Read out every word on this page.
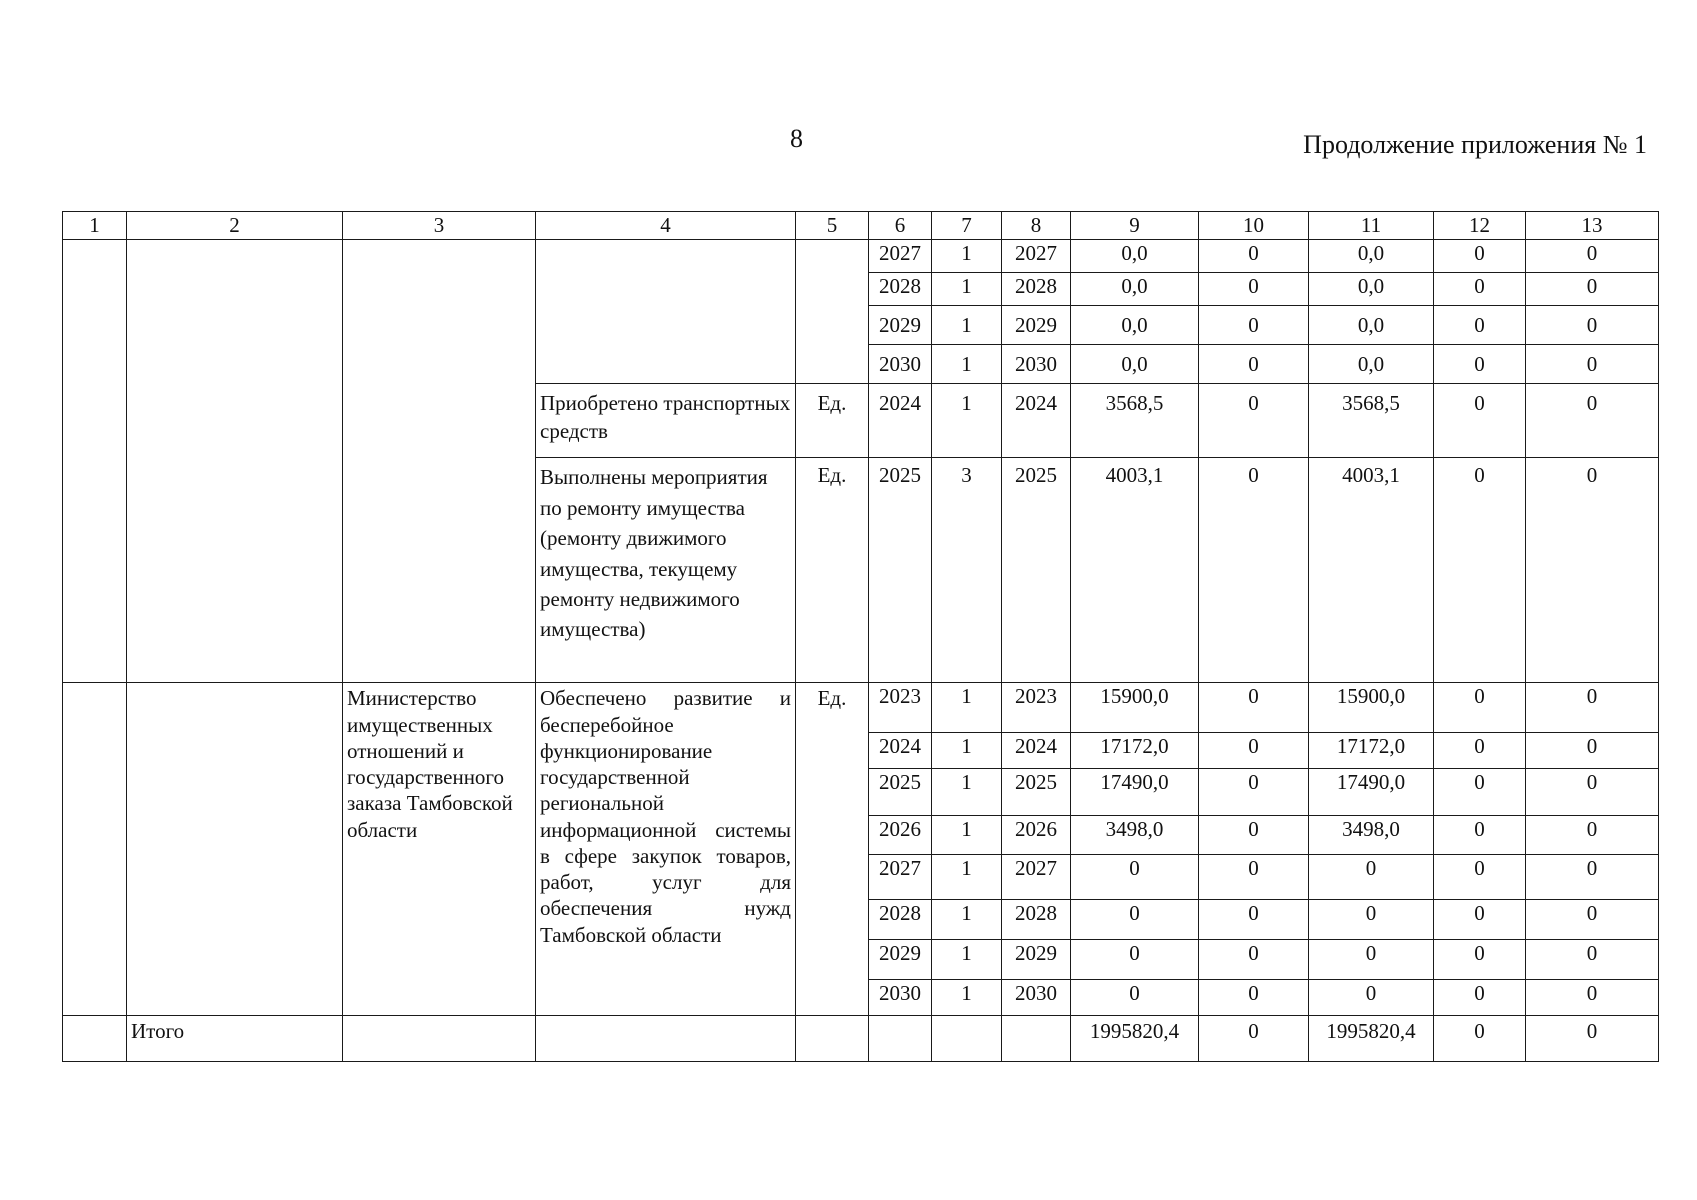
8	Продолжение приложения № 1
1	2	3	4	5	6	7	8	9	10	11	12	13
					2027	1	2027	0,0	0	0,0	0	0
					2028	1	2028	0,0	0	0,0	0	0
					2029	1	2029	0,0	0	0,0	0	0
					2030	1	2030	0,0	0	0,0	0	0
			Приобретено транспортных средств	Ед.	2024	1	2024	3568,5	0	3568,5	0	0
			Выполнены мероприятия по ремонту имущества (ремонту движимого имущества, текущему ремонту недвижимого имущества)	Ед.	2025	3	2025	4003,1	0	4003,1	0	0
		Министерство имущественных отношений и государственного заказа Тамбовской области	Обеспечено развитие и бесперебойное функционирование государственной региональной информационной системы в сфере закупок товаров, работ, услуг для обеспечения нужд Тамбовской области	Ед.	2023	1	2023	15900,0	0	15900,0	0	0
					2024	1	2024	17172,0	0	17172,0	0	0
					2025	1	2025	17490,0	0	17490,0	0	0
					2026	1	2026	3498,0	0	3498,0	0	0
					2027	1	2027	0	0	0	0	0
					2028	1	2028	0	0	0	0	0
					2029	1	2029	0	0	0	0	0
					2030	1	2030	0	0	0	0	0
	Итого							1995820,4	0	1995820,4	0	0
